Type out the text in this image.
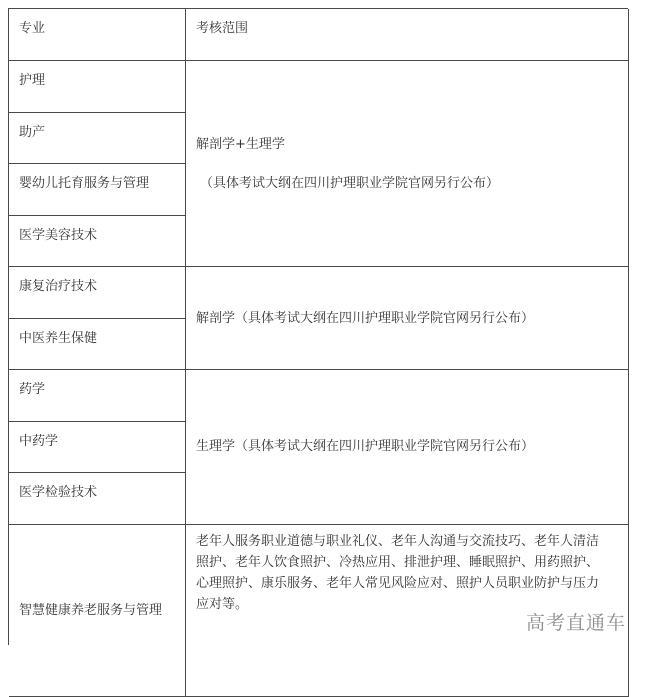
专业	考核范围
护理
助产
婴幼儿托育服务与管理
医学美容技术
解剖学+生理学
（具体考试大纲在四川护理职业学院官网另行公布）
康复治疗技术
中医养生保健
解剖学（具体考试大纲在四川护理职业学院官网另行公布）
药学
中药学
医学检验技术
生理学（具体考试大纲在四川护理职业学院官网另行公布）
智慧健康养老服务与管理
老年人服务职业道德与职业礼仪、老年人沟通与交流技巧、老年人清洁照护、老年人饮食照护、冷热应用、排泄护理、睡眠照护、用药照护、心理照护、康乐服务、老年人常见风险应对、照护人员职业防护与压力应对等。
高考直通车
